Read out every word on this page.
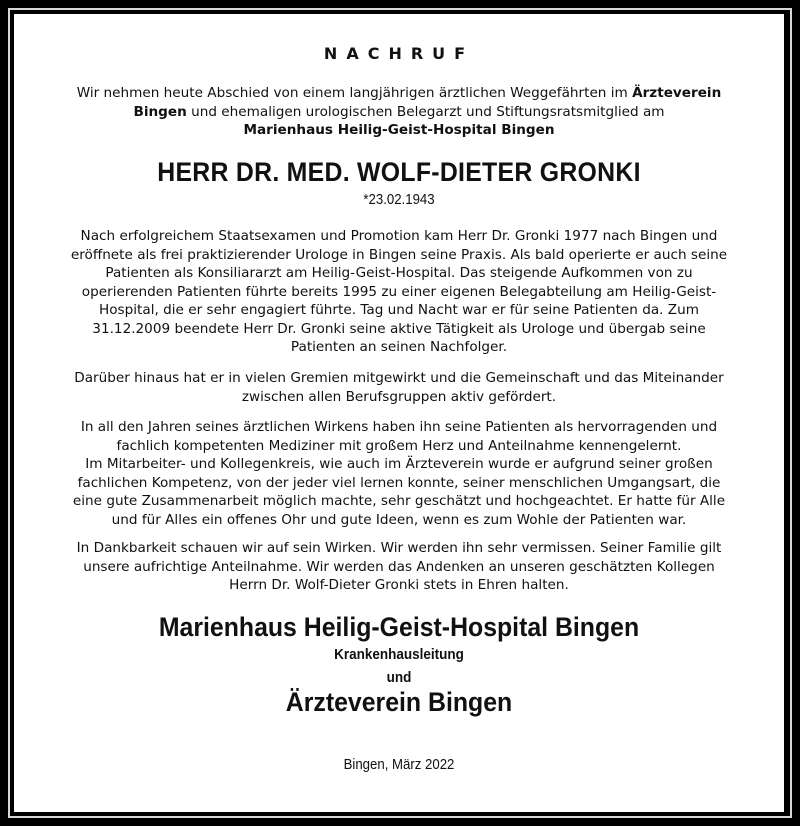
NACHRUF
Wir nehmen heute Abschied von einem langjährigen ärztlichen Weggefährten im Ärzteverein
Bingen und ehemaligen urologischen Belegarzt und Stiftungsratsmitglied am
Marienhaus Heilig-Geist-Hospital Bingen
HERR DR. MED. WOLF-DIETER GRONKI
*23.02.1943
Nach erfolgreichem Staatsexamen und Promotion kam Herr Dr. Gronki 1977 nach Bingen und
eröffnete als frei praktizierender Urologe in Bingen seine Praxis. Als bald operierte er auch seine
Patienten als Konsiliararzt am Heilig-Geist-Hospital. Das steigende Aufkommen von zu
operierenden Patienten führte bereits 1995 zu einer eigenen Belegabteilung am Heilig-Geist-
Hospital, die er sehr engagiert führte. Tag und Nacht war er für seine Patienten da. Zum
31.12.2009 beendete Herr Dr. Gronki seine aktive Tätigkeit als Urologe und übergab seine
Patienten an seinen Nachfolger.
Darüber hinaus hat er in vielen Gremien mitgewirkt und die Gemeinschaft und das Miteinander
zwischen allen Berufsgruppen aktiv gefördert.
In all den Jahren seines ärztlichen Wirkens haben ihn seine Patienten als hervorragenden und
fachlich kompetenten Mediziner mit großem Herz und Anteilnahme kennengelernt.
Im Mitarbeiter- und Kollegenkreis, wie auch im Ärzteverein wurde er aufgrund seiner großen
fachlichen Kompetenz, von der jeder viel lernen konnte, seiner menschlichen Umgangsart, die
eine gute Zusammenarbeit möglich machte, sehr geschätzt und hochgeachtet. Er hatte für Alle
und für Alles ein offenes Ohr und gute Ideen, wenn es zum Wohle der Patienten war.
In Dankbarkeit schauen wir auf sein Wirken. Wir werden ihn sehr vermissen. Seiner Familie gilt
unsere aufrichtige Anteilnahme. Wir werden das Andenken an unseren geschätzten Kollegen
Herrn Dr. Wolf-Dieter Gronki stets in Ehren halten.
Marienhaus Heilig-Geist-Hospital Bingen
Krankenhausleitung
und
Ärzteverein Bingen
Bingen, März 2022
